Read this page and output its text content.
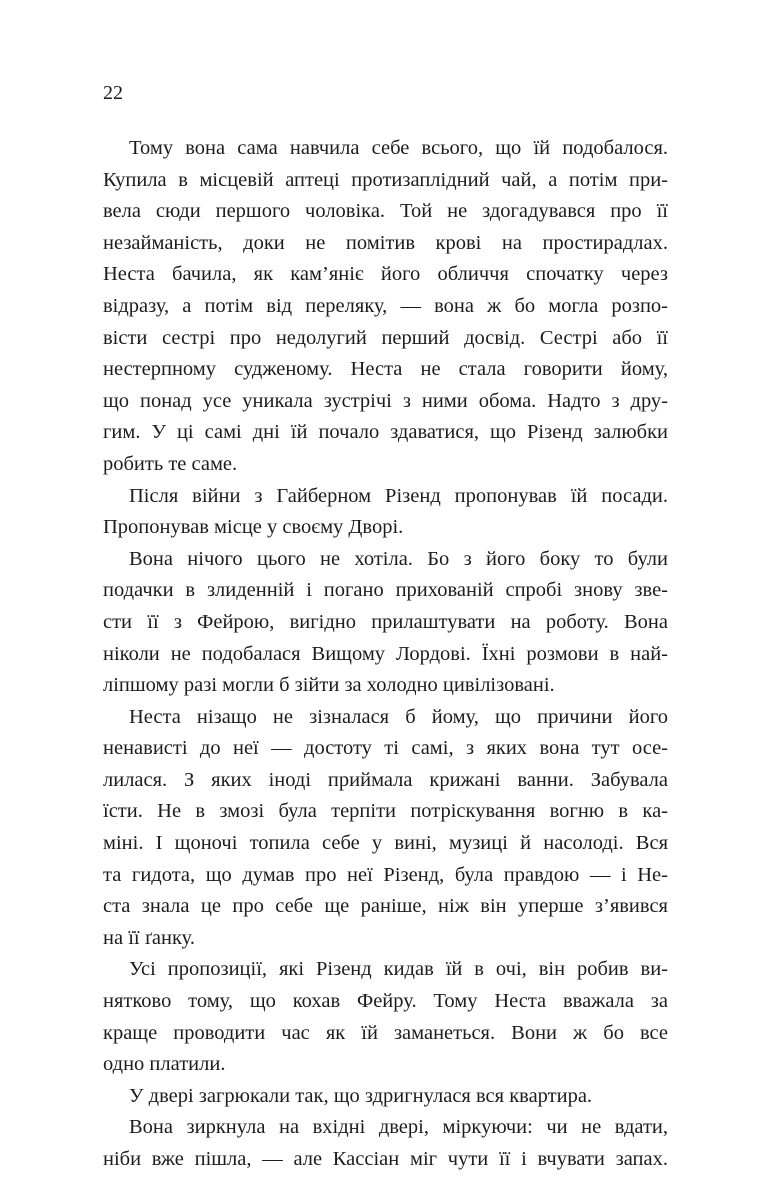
22

Тому вона сама навчила себе всього, що їй подобалося.
Купила в місцевій аптеці протизаплідний чай, а потім при-
вела сюди першого чоловіка. Той не здогадувався про її
незайманість, доки не помітив крові на простирадлах.
Неста бачила, як кам’яніє його обличчя спочатку через
відразу, а потім від переляку, — вона ж бо могла розпо-
вісти сестрі про недолугий перший досвід. Сестрі або її
нестерпному судженому. Неста не стала говорити йому,
що понад усе уникала зустрічі з ними обома. Надто з дру-
гим. У ці самі дні їй почало здаватися, що Різенд залюбки
робить те саме.
Після війни з Гайберном Різенд пропонував їй посади.
Пропонував місце у своєму Дворі.
Вона нічого цього не хотіла. Бо з його боку то були
подачки в злиденній і погано прихованій спробі знову зве-
сти її з Фейрою, вигідно прилаштувати на роботу. Вона
ніколи не подобалася Вищому Лордові. Їхні розмови в най-
ліпшому разі могли б зійти за холодно цивілізовані.
Неста нізащо не зізналася б йому, що причини його
ненависті до неї — достоту ті самі, з яких вона тут осе-
лилася. З яких іноді приймала крижані ванни. Забувала
їсти. Не в змозі була терпіти потріскування вогню в ка-
міні. І щоночі топила себе у вині, музиці й насолоді. Вся
та гидота, що думав про неї Різенд, була правдою — і Не-
ста знала це про себе ще раніше, ніж він уперше з’явився
на її ґанку.
Усі пропозиції, які Різенд кидав їй в очі, він робив ви-
нятково тому, що кохав Фейру. Тому Неста вважала за
краще проводити час як їй заманеться. Вони ж бо все
одно платили.
У двері загрюкали так, що здригнулася вся квартира.
Вона зиркнула на вхідні двері, міркуючи: чи не вдати,
ніби вже пішла, — але Кассіан міг чути її і вчувати запах.
